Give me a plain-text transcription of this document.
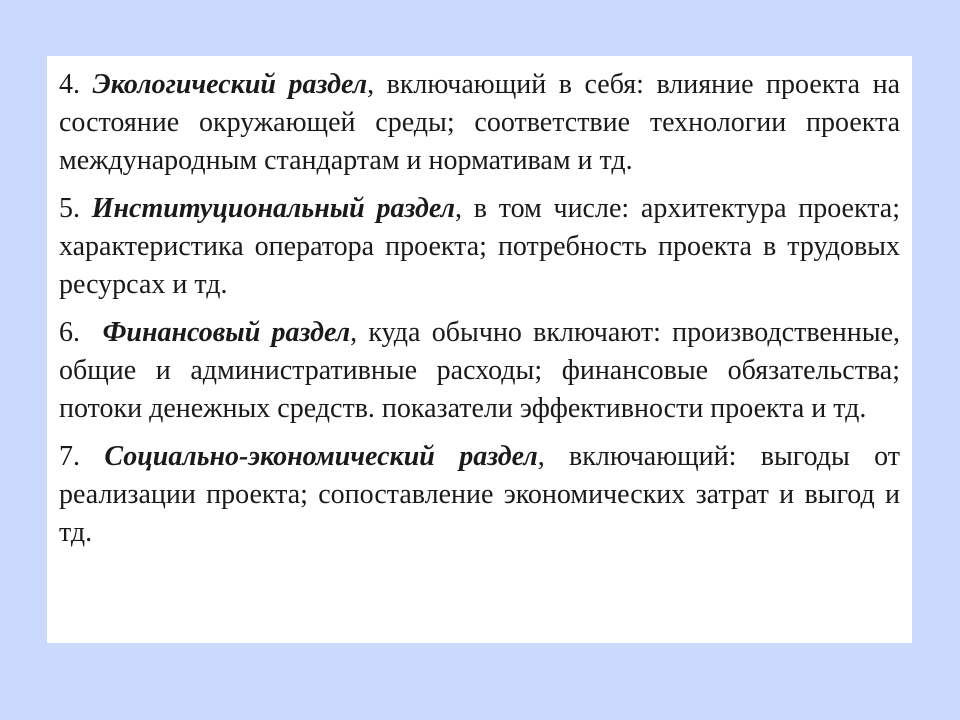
4. Экологический раздел, включающий в себя: влияние проекта на состояние окружающей среды; соответствие технологии проекта международным стандартам и нормативам и тд.

5. Институциональный раздел, в том числе: архитектура проекта; характеристика оператора проекта; потребность проекта в трудовых ресурсах и тд.

6.  Финансовый раздел, куда обычно включают: производственные, общие и административные расходы; финансовые обязательства; потоки денежных средств. показатели эффективности проекта и тд.

7. Социально-экономический раздел, включающий: выгоды от реализации проекта; сопоставление экономических затрат и выгод и тд.
